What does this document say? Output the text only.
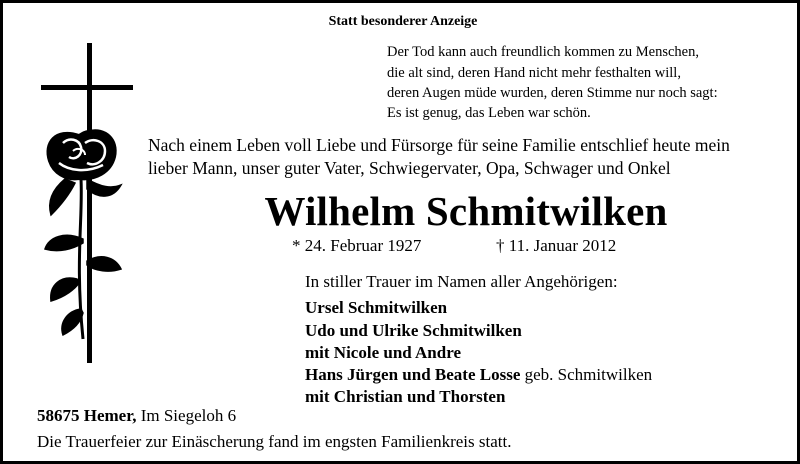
Statt besonderer Anzeige
Der Tod kann auch freundlich kommen zu Menschen,
die alt sind, deren Hand nicht mehr festhalten will,
deren Augen müde wurden, deren Stimme nur noch sagt:
Es ist genug, das Leben war schön.
Nach einem Leben voll Liebe und Fürsorge für seine Familie entschlief heute mein
lieber Mann, unser guter Vater, Schwiegervater, Opa, Schwager und Onkel
Wilhelm Schmitwilken
* 24. Februar 1927	† 11. Januar 2012
In stiller Trauer im Namen aller Angehörigen:
Ursel Schmitwilken
Udo und Ulrike Schmitwilken
mit Nicole und Andre
Hans Jürgen und Beate Losse geb. Schmitwilken
mit Christian und Thorsten
58675 Hemer, Im Siegeloh 6
Die Trauerfeier zur Einäscherung fand im engsten Familienkreis statt.
